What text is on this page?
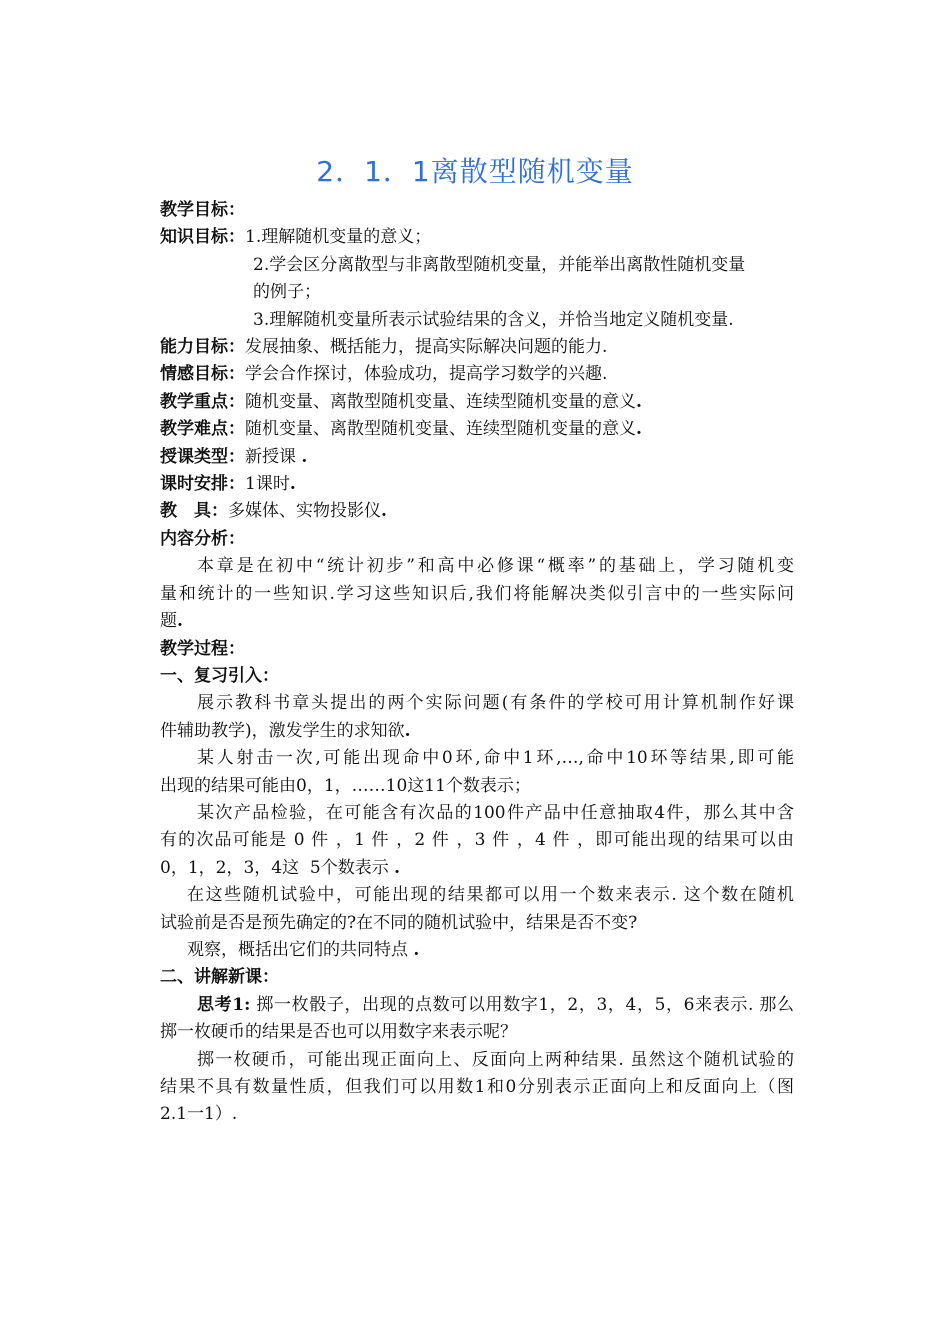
2．1．1离散型随机变量
教学目标：
知识目标：1.理解随机变量的意义；
2.学会区分离散型与非离散型随机变量，并能举出离散性随机变量
的例子；
3.理解随机变量所表示试验结果的含义，并恰当地定义随机变量.
能力目标：发展抽象、概括能力，提高实际解决问题的能力.
情感目标：学会合作探讨，体验成功，提高学习数学的兴趣.
教学重点：随机变量、离散型随机变量、连续型随机变量的意义.
教学难点：随机变量、离散型随机变量、连续型随机变量的意义.
授课类型：新授课 .
课时安排：1课时.
教　具：多媒体、实物投影仪.
内容分析：
本章是在初中“统计初步”和高中必修课“概率”的基础上，学习随机变
量和统计的一些知识.学习这些知识后,我们将能解决类似引言中的一些实际问
题.
教学过程：
一、复习引入：
展示教科书章头提出的两个实际问题(有条件的学校可用计算机制作好课
件辅助教学)，激发学生的求知欲.
某人射击一次,可能出现命中0环,命中1环,…,命中10环等结果,即可能
出现的结果可能由0，1，……10这11个数表示；
某次产品检验，在可能含有次品的100件产品中任意抽取4件，那么其中含
有的次品可能是 0 件 ，1 件 ，2 件 ，3 件 ，4 件 ，即可能出现的结果可以由
0，1，2，3，4这  5个数表示 .
在这些随机试验中，可能出现的结果都可以用一个数来表示. 这个数在随机
试验前是否是预先确定的?在不同的随机试验中，结果是否不变?
观察，概括出它们的共同特点 .
二、讲解新课：
思考1: 掷一枚骰子，出现的点数可以用数字1，2，3，4，5，6来表示. 那么
掷一枚硬币的结果是否也可以用数字来表示呢？
掷一枚硬币，可能出现正面向上、反面向上两种结果. 虽然这个随机试验的
结果不具有数量性质，但我们可以用数1和0分别表示正面向上和反面向上（图
2.1一1）.
